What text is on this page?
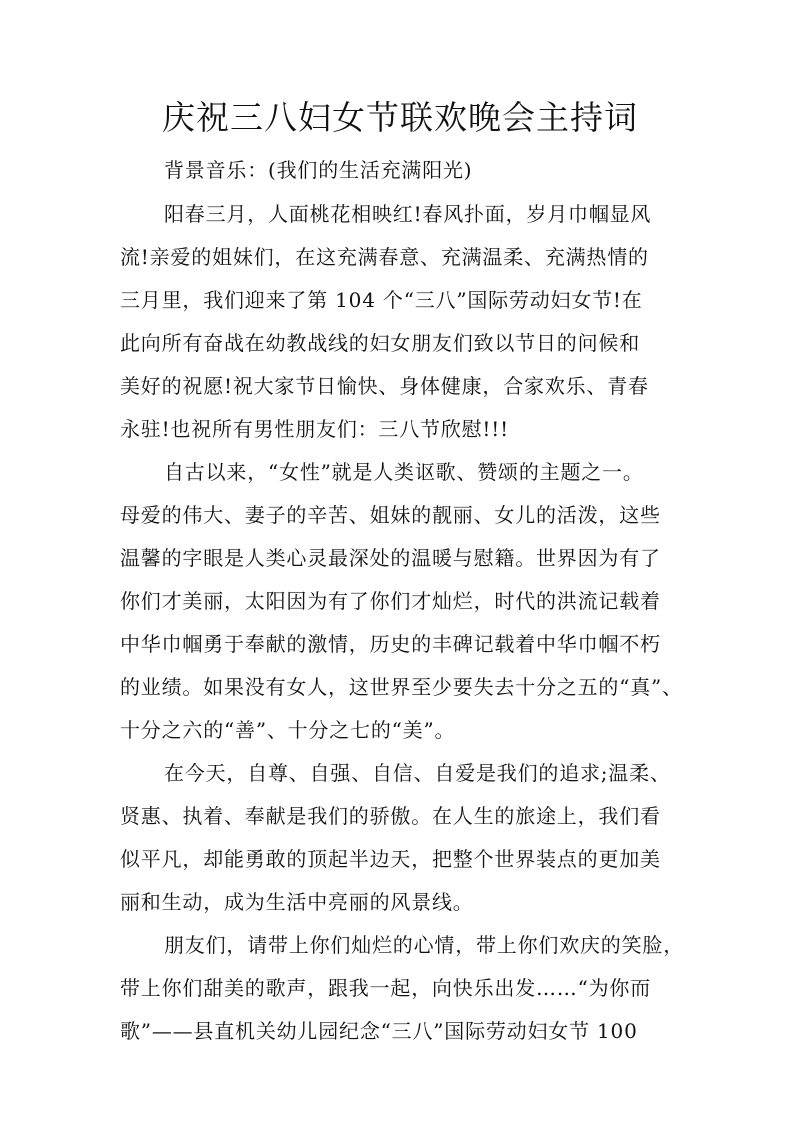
庆祝三八妇女节联欢晚会主持词
背景音乐：(我们的生活充满阳光)
阳春三月，人面桃花相映红!春风扑面，岁月巾帼显风
流!亲爱的姐妹们，在这充满春意、充满温柔、充满热情的
三月里，我们迎来了第 104 个“三八”国际劳动妇女节!在
此向所有奋战在幼教战线的妇女朋友们致以节日的问候和
美好的祝愿!祝大家节日愉快、身体健康，合家欢乐、青春
永驻!也祝所有男性朋友们：三八节欣慰!!!
自古以来，“女性”就是人类讴歌、赞颂的主题之一。
母爱的伟大、妻子的辛苦、姐妹的靓丽、女儿的活泼，这些
温馨的字眼是人类心灵最深处的温暖与慰籍。世界因为有了
你们才美丽，太阳因为有了你们才灿烂，时代的洪流记载着
中华巾帼勇于奉献的激情，历史的丰碑记载着中华巾帼不朽
的业绩。如果没有女人，这世界至少要失去十分之五的“真”、
十分之六的“善”、十分之七的“美”。
在今天，自尊、自强、自信、自爱是我们的追求;温柔、
贤惠、执着、奉献是我们的骄傲。在人生的旅途上，我们看
似平凡，却能勇敢的顶起半边天，把整个世界装点的更加美
丽和生动，成为生活中亮丽的风景线。
朋友们，请带上你们灿烂的心情，带上你们欢庆的笑脸，
带上你们甜美的歌声，跟我一起，向快乐出发……“为你而
歌”——县直机关幼儿园纪念“三八”国际劳动妇女节 100
